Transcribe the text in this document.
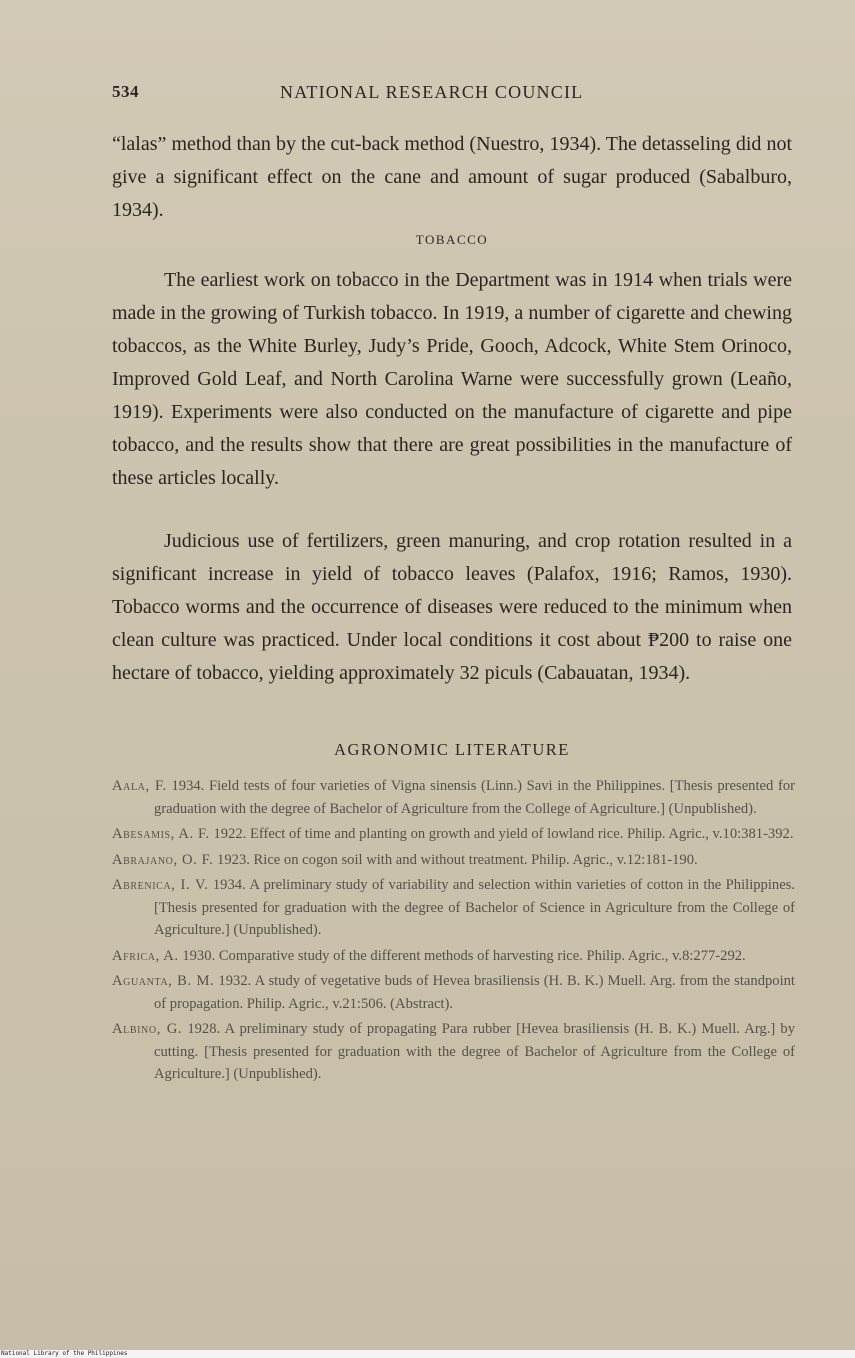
534	NATIONAL RESEARCH COUNCIL
“lalas” method than by the cut-back method (Nuestro, 1934). The detasseling did not give a significant effect on the cane and amount of sugar produced (Sabalburo, 1934).
TOBACCO
The earliest work on tobacco in the Department was in 1914 when trials were made in the growing of Turkish tobacco. In 1919, a number of cigarette and chewing tobaccos, as the White Burley, Judy’s Pride, Gooch, Adcock, White Stem Orinoco, Improved Gold Leaf, and North Carolina Warne were successfully grown (Leaño, 1919). Experiments were also conducted on the manufacture of cigarette and pipe tobacco, and the results show that there are great possibilities in the manufacture of these articles locally.
Judicious use of fertilizers, green manuring, and crop rotation resulted in a significant increase in yield of tobacco leaves (Palafox, 1916; Ramos, 1930). Tobacco worms and the occurrence of diseases were reduced to the minimum when clean culture was practiced. Under local conditions it cost about ₱200 to raise one hectare of tobacco, yielding approximately 32 piculs (Cabauatan, 1934).
AGRONOMIC LITERATURE
Aala, F. 1934. Field tests of four varieties of Vigna sinensis (Linn.) Savi in the Philippines. [Thesis presented for graduation with the degree of Bachelor of Agriculture from the College of Agriculture.] (Unpublished).
Abesamis, A. F. 1922. Effect of time and planting on growth and yield of lowland rice. Philip. Agric., v.10:381-392.
Abrajano, O. F. 1923. Rice on cogon soil with and without treatment. Philip. Agric., v.12:181-190.
Abrenica, I. V. 1934. A preliminary study of variability and selection within varieties of cotton in the Philippines. [Thesis presented for graduation with the degree of Bachelor of Science in Agriculture from the College of Agriculture.] (Unpublished).
Africa, A. 1930. Comparative study of the different methods of harvesting rice. Philip. Agric., v.8:277-292.
Aguanta, B. M. 1932. A study of vegetative buds of Hevea brasiliensis (H. B. K.) Muell. Arg. from the standpoint of propagation. Philip. Agric., v.21:506. (Abstract).
Albino, G. 1928. A preliminary study of propagating Para rubber [Hevea brasiliensis (H. B. K.) Muell. Arg.] by cutting. [Thesis presented for graduation with the degree of Bachelor of Agriculture from the College of Agriculture.] (Unpublished).
National Library of the Philippines
